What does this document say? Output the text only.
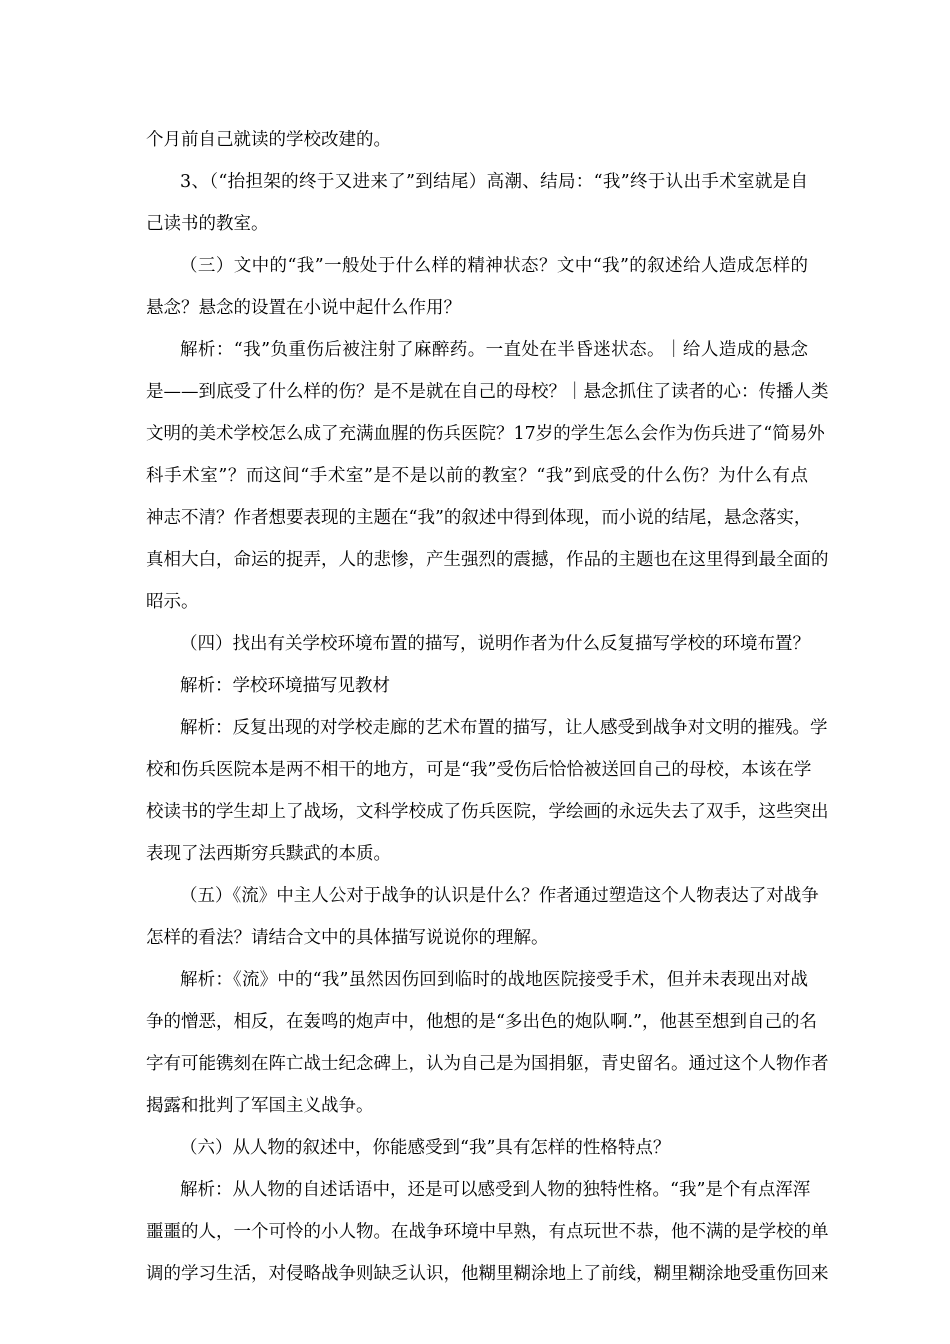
个月前自己就读的学校改建的。
3、（“抬担架的终于又进来了”到结尾）高潮、结局：“我”终于认出手术室就是自
己读书的教室。
（三）文中的“我”一般处于什么样的精神状态？文中“我”的叙述给人造成怎样的
悬念？悬念的设置在小说中起什么作用？
解析：“我”负重伤后被注射了麻醉药。一直处在半昏迷状态。｜给人造成的悬念
是——到底受了什么样的伤？是不是就在自己的母校？｜悬念抓住了读者的心：传播人类
文明的美术学校怎么成了充满血腥的伤兵医院？17岁的学生怎么会作为伤兵进了“简易外
科手术室”？而这间“手术室”是不是以前的教室？“我”到底受的什么伤？为什么有点
神志不清？作者想要表现的主题在“我”的叙述中得到体现，而小说的结尾，悬念落实，
真相大白，命运的捉弄，人的悲惨，产生强烈的震撼，作品的主题也在这里得到最全面的
昭示。
（四）找出有关学校环境布置的描写，说明作者为什么反复描写学校的环境布置？
解析：学校环境描写见教材
解析：反复出现的对学校走廊的艺术布置的描写，让人感受到战争对文明的摧残。学
校和伤兵医院本是两不相干的地方，可是“我”受伤后恰恰被送回自己的母校，本该在学
校读书的学生却上了战场，文科学校成了伤兵医院，学绘画的永远失去了双手，这些突出
表现了法西斯穷兵黩武的本质。
（五）《流》中主人公对于战争的认识是什么？作者通过塑造这个人物表达了对战争
怎样的看法？请结合文中的具体描写说说你的理解。
解析：《流》中的“我”虽然因伤回到临时的战地医院接受手术，但并未表现出对战
争的憎恶，相反，在轰鸣的炮声中，他想的是“多出色的炮队啊.”，他甚至想到自己的名
字有可能镌刻在阵亡战士纪念碑上，认为自己是为国捐躯，青史留名。通过这个人物作者
揭露和批判了军国主义战争。
（六）从人物的叙述中，你能感受到“我”具有怎样的性格特点？
解析：从人物的自述话语中，还是可以感受到人物的独特性格。“我”是个有点浑浑
噩噩的人，一个可怜的小人物。在战争环境中早熟，有点玩世不恭，他不满的是学校的单
调的学习生活，对侵略战争则缺乏认识，他糊里糊涂地上了前线，糊里糊涂地受重伤回来
